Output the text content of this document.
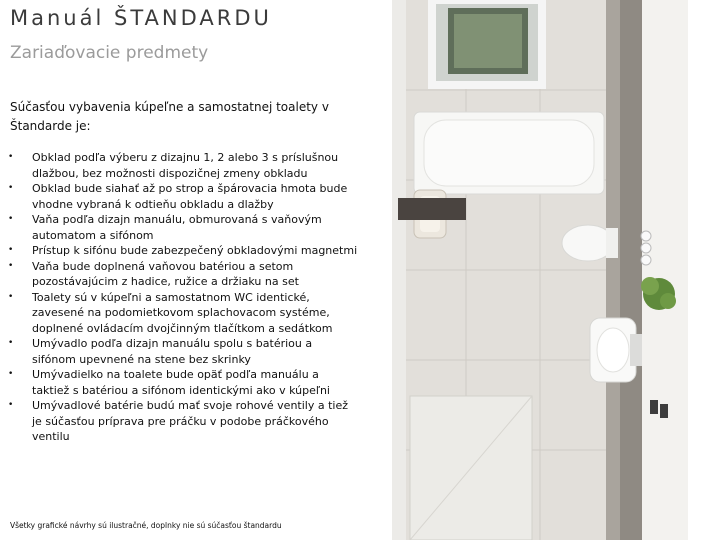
Manuál ŠTANDARDU
Zariaďovacie predmety
Súčasťou vybavenia kúpeľne a samostatnej toalety v Štandarde je:
• Obklad podľa výberu z dizajnu 1, 2 alebo 3 s príslušnou dlažbou, bez možnosti dispozičnej zmeny obkladu
• Obklad bude siahať až po strop a špárovacia hmota bude vhodne vybraná k odtieňu obkladu a dlažby
• Vaňa podľa dizajn manuálu, obmurovaná s vaňovým automatom a sifónom
• Prístup k sifónu bude zabezpečený obkladovými magnetmi
• Vaňa bude doplnená vaňovou batériou a setom pozostávajúcim z hadice, ružice a držiaku na set
• Toalety sú v kúpeľni a samostatnom WC identické, zavesené na podomietkovom splachovacom systéme, doplnené ovládacím dvojčinným tlačítkom a sedátkom
• Umývadlo podľa dizajn manuálu spolu s batériou a sifónom upevnené na stene bez skrinky
• Umývadielko na toalete bude opäť podľa manuálu a taktiež s batériou a sifónom identickými ako v kúpeľni
• Umývadlové batérie budú mať svoje rohové ventily a tiež je súčasťou príprava pre práčku v podobe práčkového ventilu
Všetky grafické návrhy sú ilustračné, doplnky nie sú súčasťou štandardu
